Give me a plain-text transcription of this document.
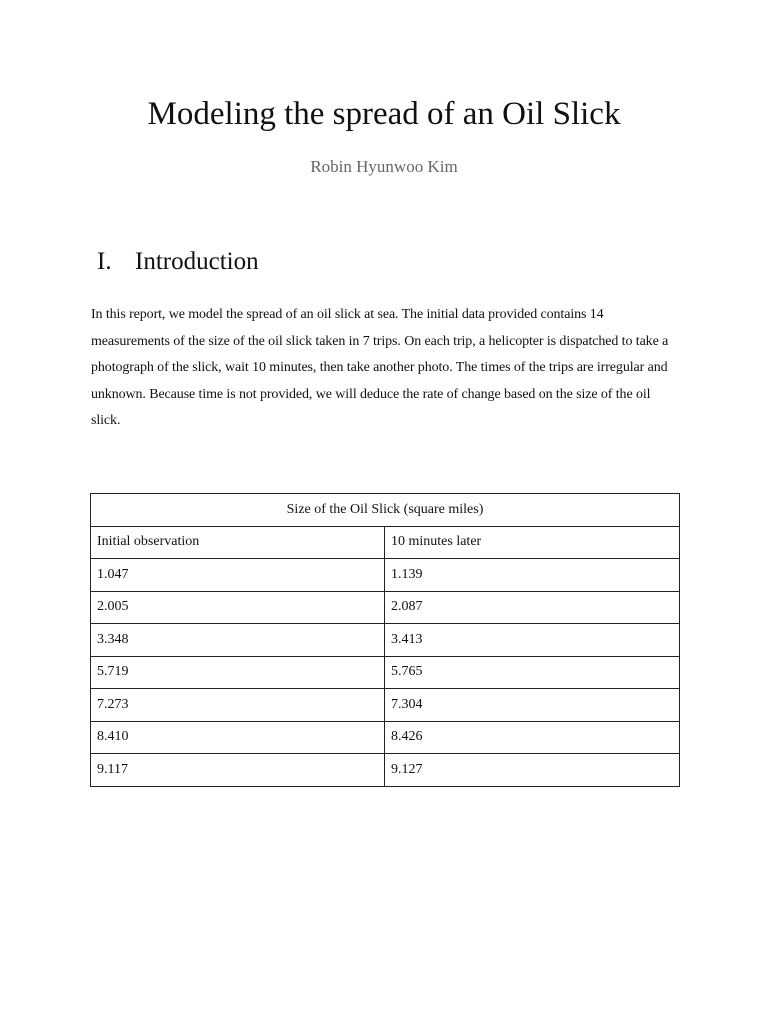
Modeling the spread of an Oil Slick

Robin Hyunwoo Kim

I. Introduction

In this report, we model the spread of an oil slick at sea. The initial data provided contains 14 measurements of the size of the oil slick taken in 7 trips. On each trip, a helicopter is dispatched to take a photograph of the slick, wait 10 minutes, then take another photo. The times of the trips are irregular and unknown. Because time is not provided, we will deduce the rate of change based on the size of the oil slick.

Size of the Oil Slick (square miles)	
Initial observation	10 minutes later
1.047	1.139
2.005	2.087
3.348	3.413
5.719	5.765
7.273	7.304
8.410	8.426
9.117	9.127
